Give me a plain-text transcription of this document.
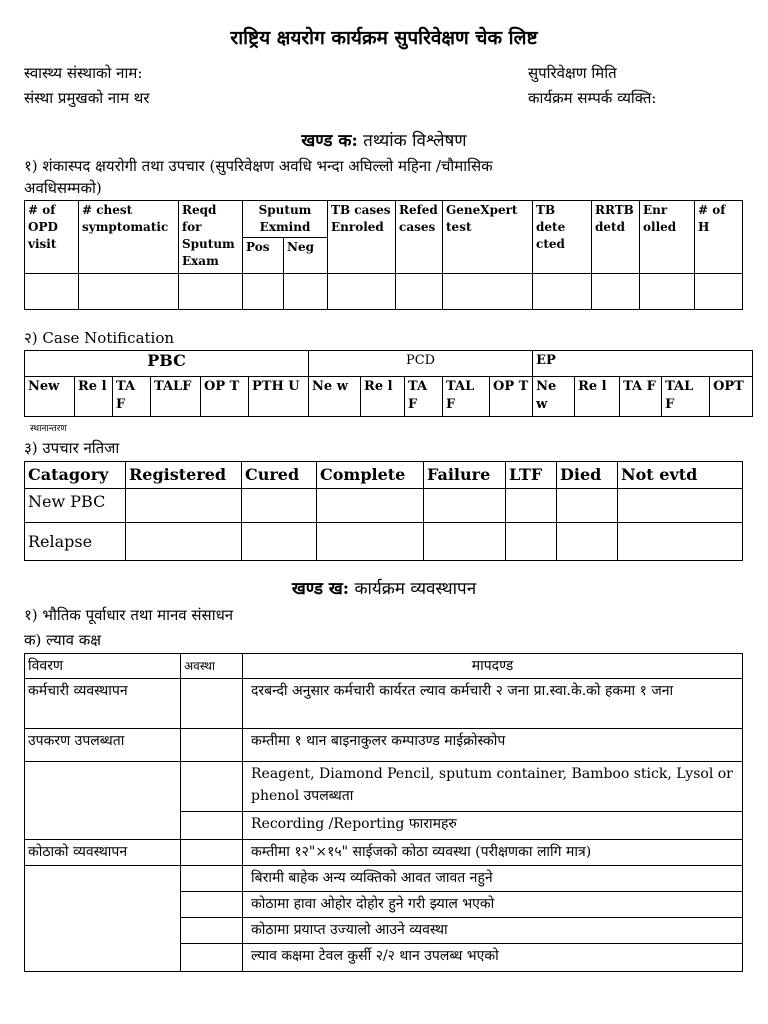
राष्ट्रिय क्षयरोग कार्यक्रम सुपरिवेक्षण चेक लिष्ट
स्वास्थ्य संस्थाको नाम:
संस्था प्रमुखको नाम थर
सुपरिवेक्षण मिति
कार्यक्रम सम्पर्क व्यक्ति:
खण्ड क: तथ्यांक विश्लेषण
१) शंकास्पद क्षयरोगी तथा उपचार (सुपरिवेक्षण अवधि भन्दा अघिल्लो महिना /चौमासिक
अवधिसम्मको)
# of OPD visit	# chest symptomatic	Reqd for Sputum Exam	Sputum Exmind		TB cases Enroled	Refed cases	GeneXpert test	TB dete cted	RRTB detd	Enr olled	# of H
			Pos	Neg							

२) Case Notification
PBC						PCD					EP				
New	Re l	TA F	TALF	OP T	PTH U	Ne w	Re l	TA F	TAL F	OP T	Ne w	Re l	TA F	TAL F	OPT
स्थानान्तरण
३) उपचार नतिजा
Catagory	Registered	Cured	Complete	Failure	LTF	Died	Not evtd
New PBC							
Relapse							
खण्ड ख: कार्यक्रम व्यवस्थापन
१) भौतिक पूर्वाधार तथा मानव संसाधन
क) ल्याव कक्ष
विवरण	अवस्था	मापदण्ड
कर्मचारी व्यवस्थापन		दरबन्दी अनुसार कर्मचारी कार्यरत ल्याव कर्मचारी २ जना प्रा.स्वा.के.को हकमा १ जना
उपकरण उपलब्धता		कम्तीमा १ थान बाइनाकुलर कम्पाउण्ड माईक्रोस्कोप
		Reagent, Diamond Pencil, sputum container, Bamboo stick, Lysol or phenol उपलब्धता
		Recording /Reporting फारामहरु
कोठाको व्यवस्थापन		कम्तीमा १२"×१५" साईजको कोठा व्यवस्था (परीक्षणका लागि मात्र)
		बिरामी बाहेक अन्य व्यक्तिको आवत जावत नहुने
		कोठामा हावा ओहोर दोहोर हुने गरी झ्याल भएको
		कोठामा प्रयाप्त उज्यालो आउने व्यवस्था
		ल्याव कक्षमा टेवल कुर्सी २/२ थान उपलब्ध भएको
